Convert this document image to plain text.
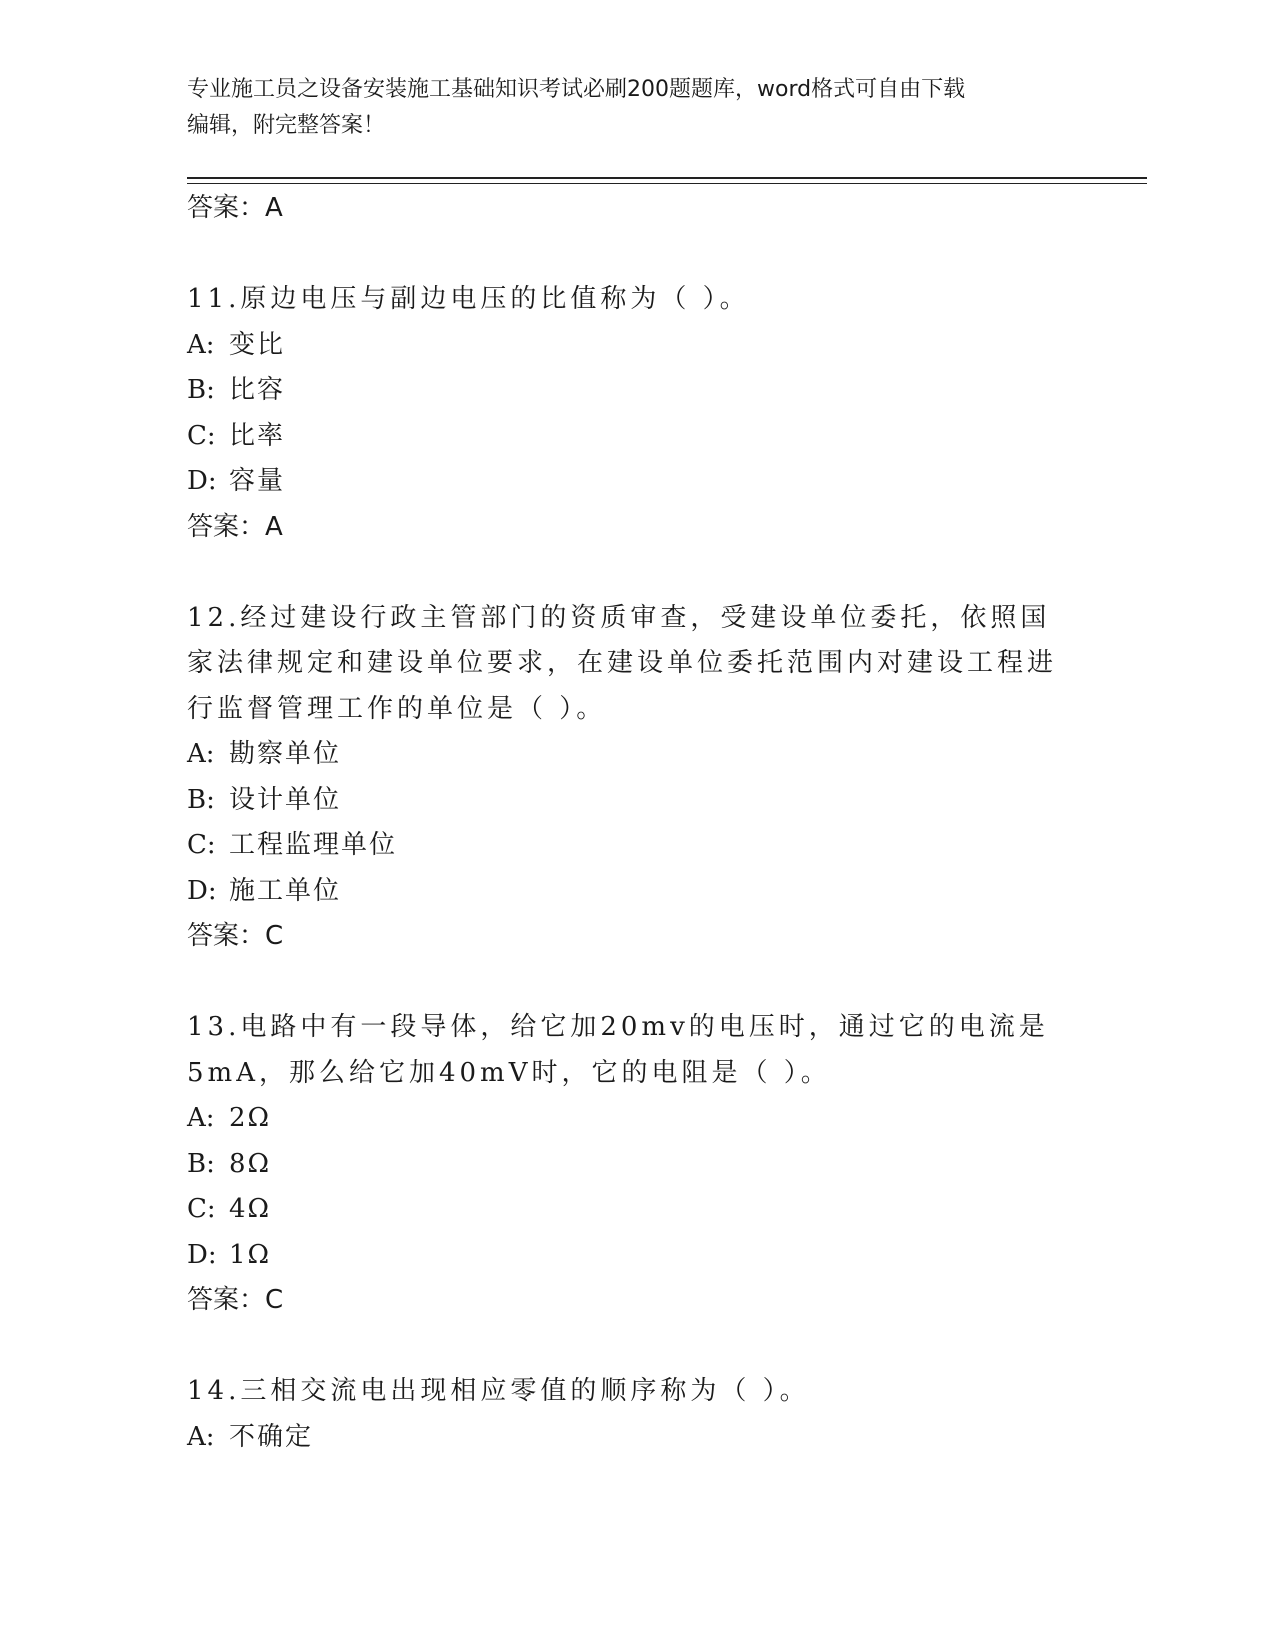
专业施工员之设备安装施工基础知识考试必刷200题题库，word格式可自由下载
编辑，附完整答案！

答案：A

11.原边电压与副边电压的比值称为（ ）。

A: 变比

B: 比容

C: 比率

D: 容量

答案：A

12.经过建设行政主管部门的资质审查，受建设单位委托，依照国家法律规定和建设单位要求，在建设单位委托范围内对建设工程进行监督管理工作的单位是（ ）。

A: 勘察单位

B: 设计单位

C: 工程监理单位

D: 施工单位

答案：C

13.电路中有一段导体，给它加20mv的电压时，通过它的电流是5mA，那么给它加40mV时，它的电阻是（ ）。

A: 2Ω

B: 8Ω

C: 4Ω

D: 1Ω

答案：C

14.三相交流电出现相应零值的顺序称为（ ）。

A: 不确定
